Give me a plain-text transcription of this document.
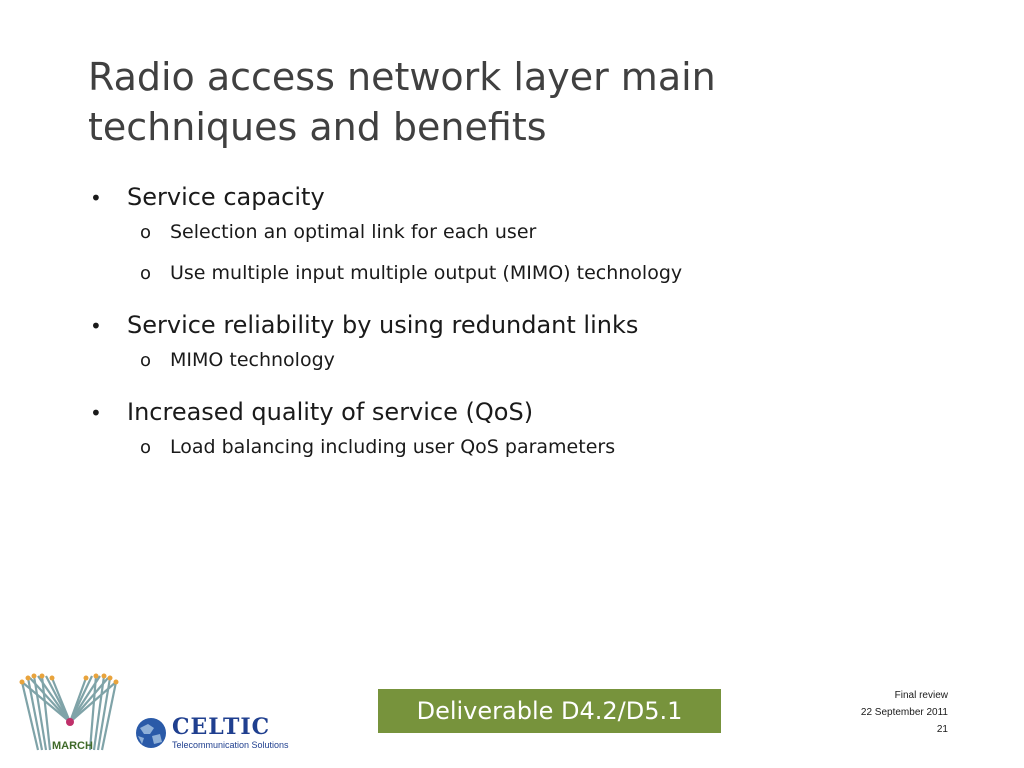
Radio access network layer main
techniques and benefits
•	Service capacity
o Selection an optimal link for each user
o Use multiple input multiple output (MIMO) technology
•	Service reliability by using redundant links
o MIMO technology
•	Increased quality of service (QoS)
o Load balancing including user QoS parameters
MARCH
CELTIC
Telecommunication Solutions
Deliverable D4.2/D5.1
Final review
22 September 2011
21
